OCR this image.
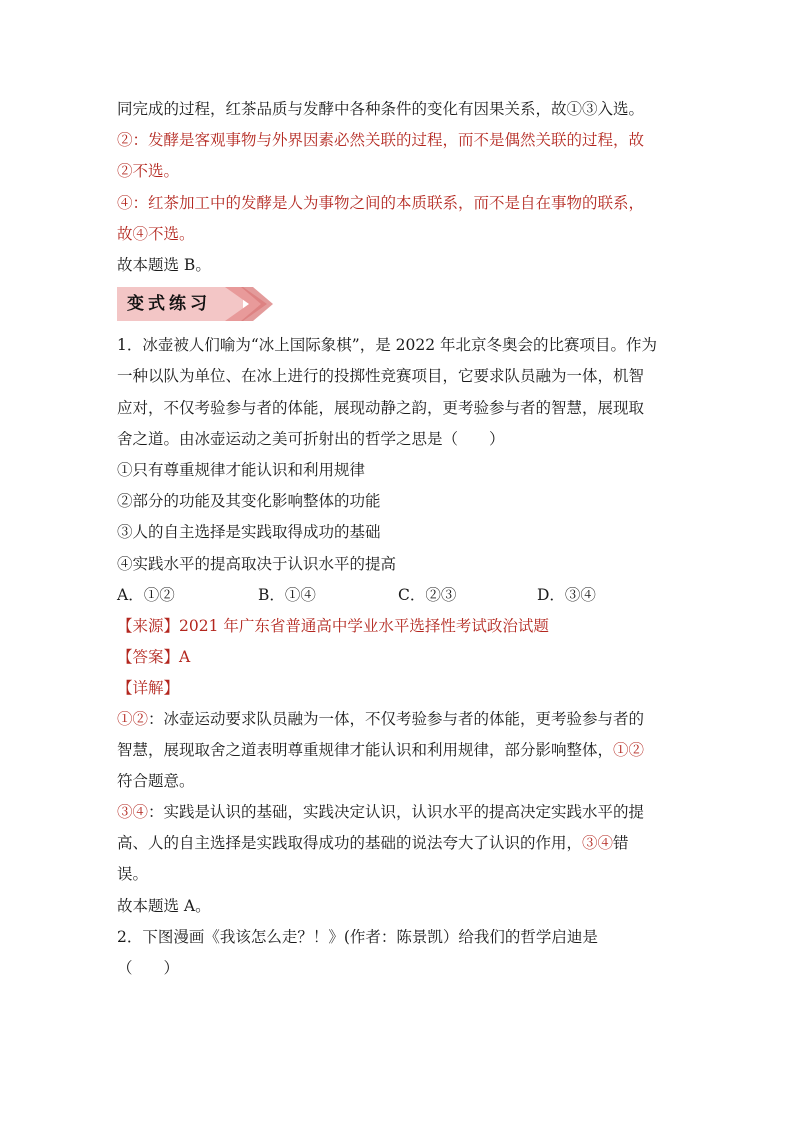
同完成的过程，红茶品质与发酵中各种条件的变化有因果关系，故①③入选。
②：发酵是客观事物与外界因素必然关联的过程，而不是偶然关联的过程，故
②不选。
④：红茶加工中的发酵是人为事物之间的本质联系，而不是自在事物的联系，
故④不选。
故本题选 B。
变式练习
1．冰壶被人们喻为“冰上国际象棋”，是 2022 年北京冬奥会的比赛项目。作为
一种以队为单位、在冰上进行的投掷性竞赛项目，它要求队员融为一体，机智
应对，不仅考验参与者的体能，展现动静之韵，更考验参与者的智慧，展现取
舍之道。由冰壶运动之美可折射出的哲学之思是（　　）
①只有尊重规律才能认识和利用规律
②部分的功能及其变化影响整体的功能
③人的自主选择是实践取得成功的基础
④实践水平的提高取决于认识水平的提高
A．①②	B．①④	C．②③	D．③④
【来源】2021 年广东省普通高中学业水平选择性考试政治试题
【答案】A
【详解】
①②：冰壶运动要求队员融为一体，不仅考验参与者的体能，更考验参与者的
智慧，展现取舍之道表明尊重规律才能认识和利用规律，部分影响整体，①②
符合题意。
③④：实践是认识的基础，实践决定认识，认识水平的提高决定实践水平的提
高、人的自主选择是实践取得成功的基础的说法夸大了认识的作用，③④错
误。
故本题选 A。
2．下图漫画《我该怎么走？！》(作者：陈景凯）给我们的哲学启迪是
（　　）
